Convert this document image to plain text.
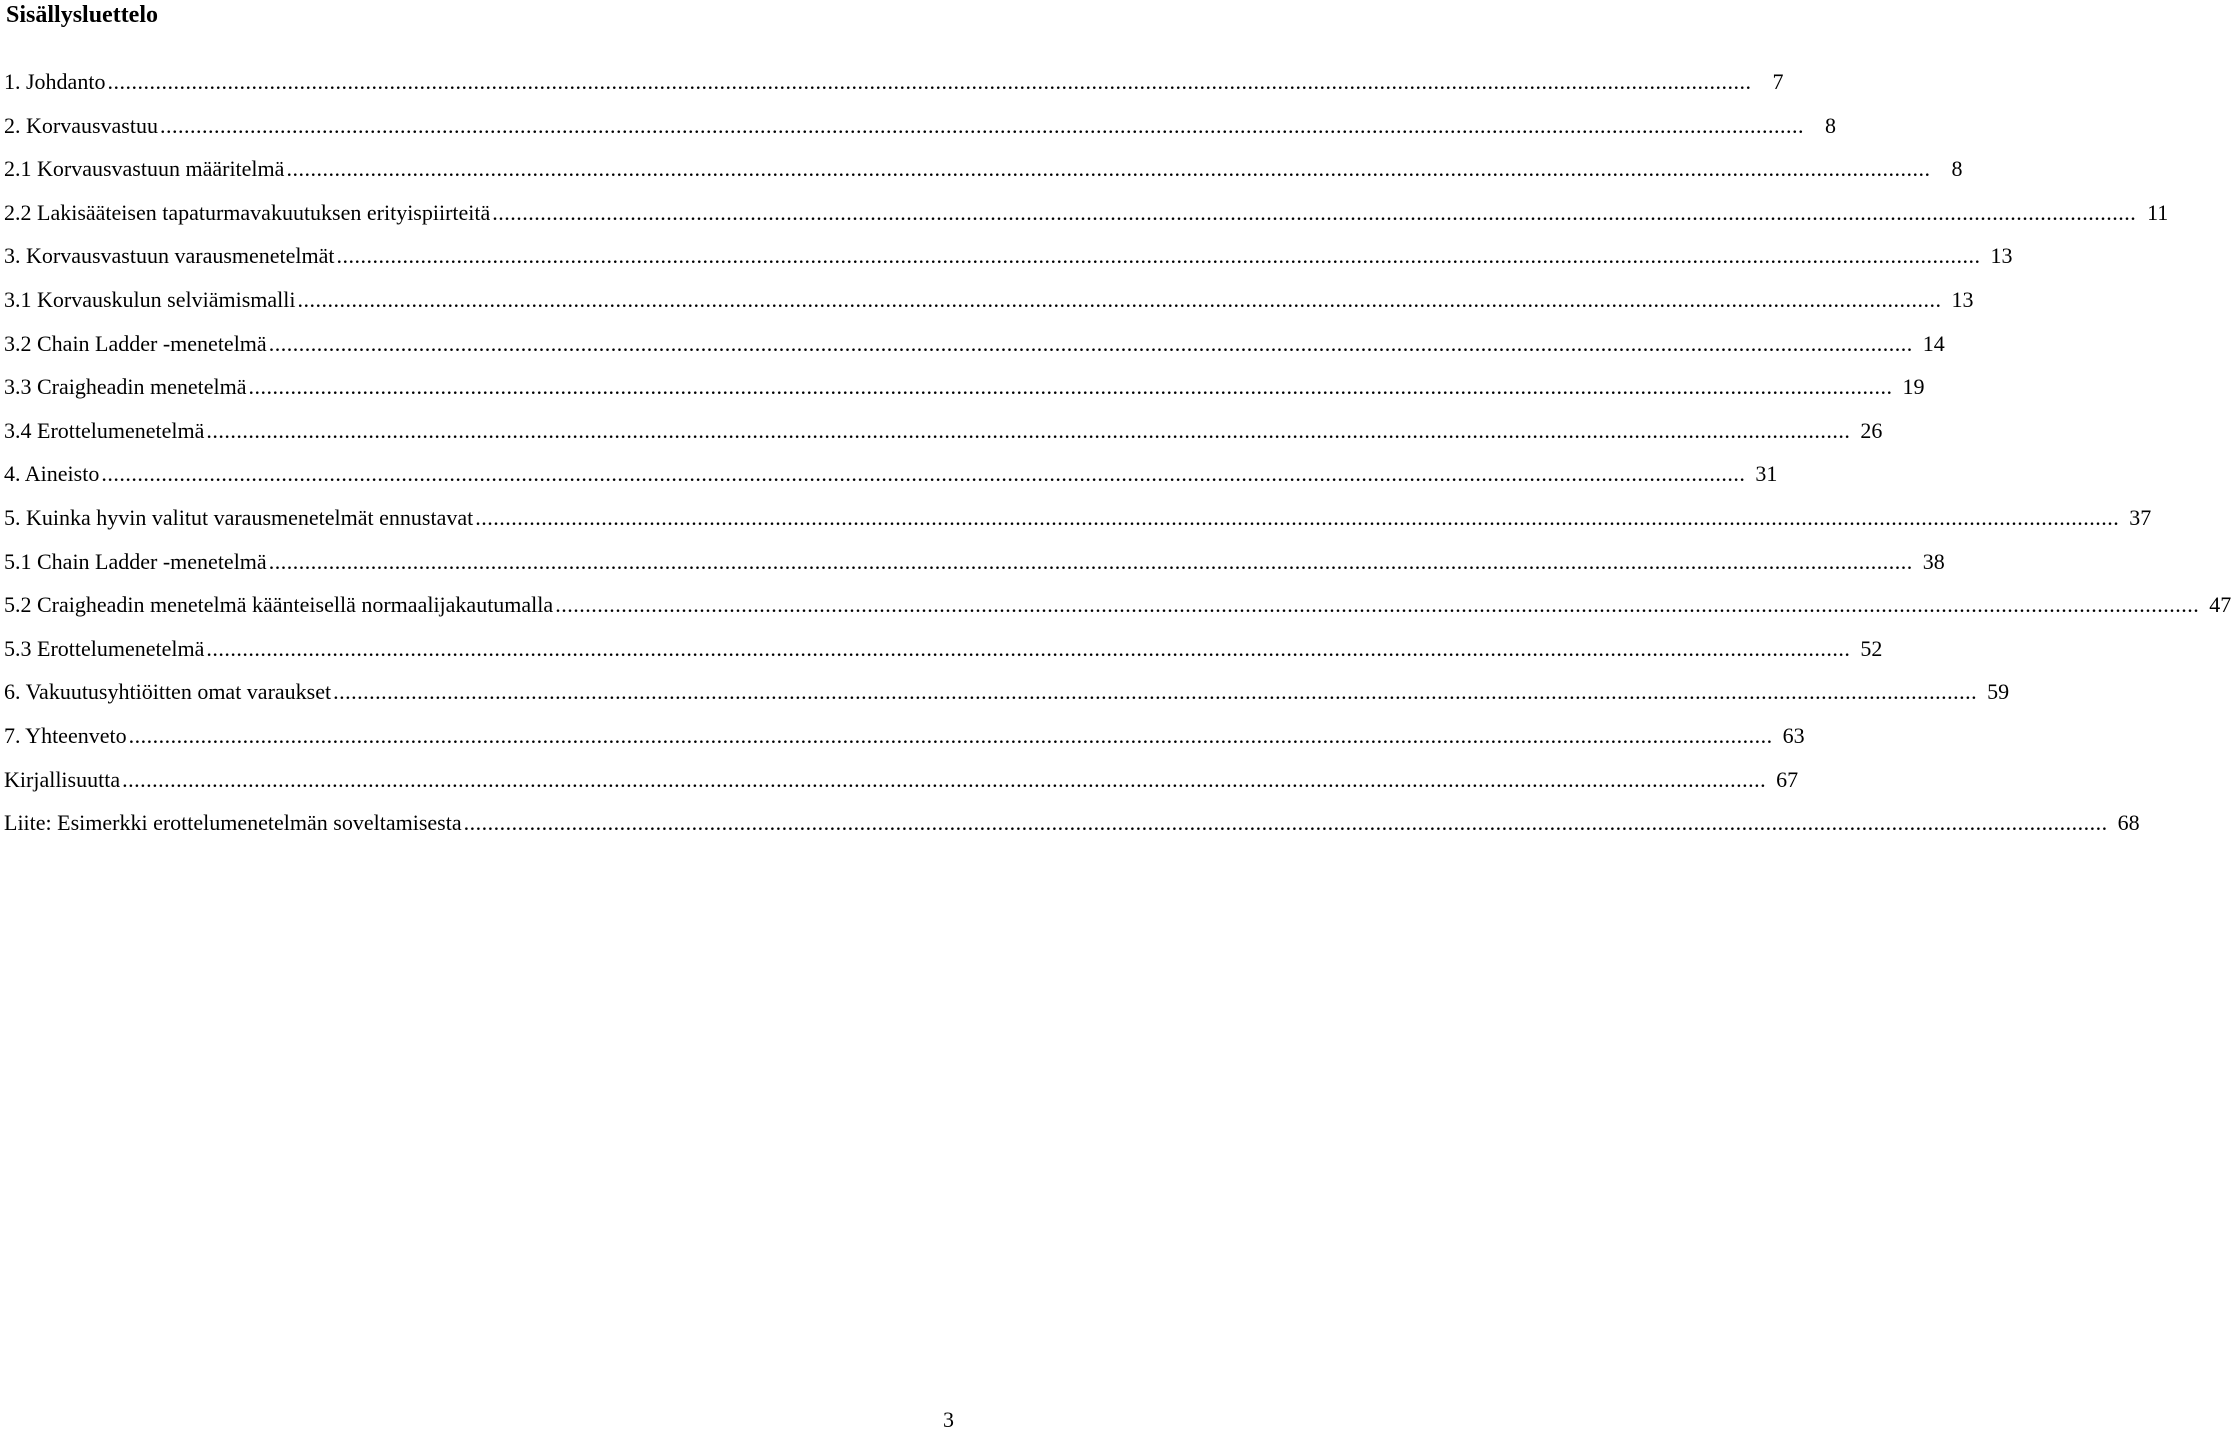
Sisällysluettelo
1. Johdanto .....	7
2. Korvausvastuu .....	8
2.1 Korvausvastuun määritelmä .....	8
2.2 Lakisääteisen tapaturmavakuutuksen erityispiirteitä .....	11
3. Korvausvastuun varausmenetelmät .....	13
3.1 Korvauskulun selviämismalli .....	13
3.2 Chain Ladder -menetelmä .....	14
3.3 Craigheadin menetelmä .....	19
3.4 Erottelumenetelmä .....	26
4. Aineisto .....	31
5. Kuinka hyvin valitut varausmenetelmät ennustavat .....	37
5.1 Chain Ladder -menetelmä .....	38
5.2 Craigheadin menetelmä käänteisellä normaalijakautumalla .....	47
5.3 Erottelumenetelmä .....	52
6. Vakuutusyhtiöitten omat varaukset .....	59
7. Yhteenveto .....	63
Kirjallisuutta .....	67
Liite: Esimerkki erottelumenetelmän soveltamisesta .....	68
3
